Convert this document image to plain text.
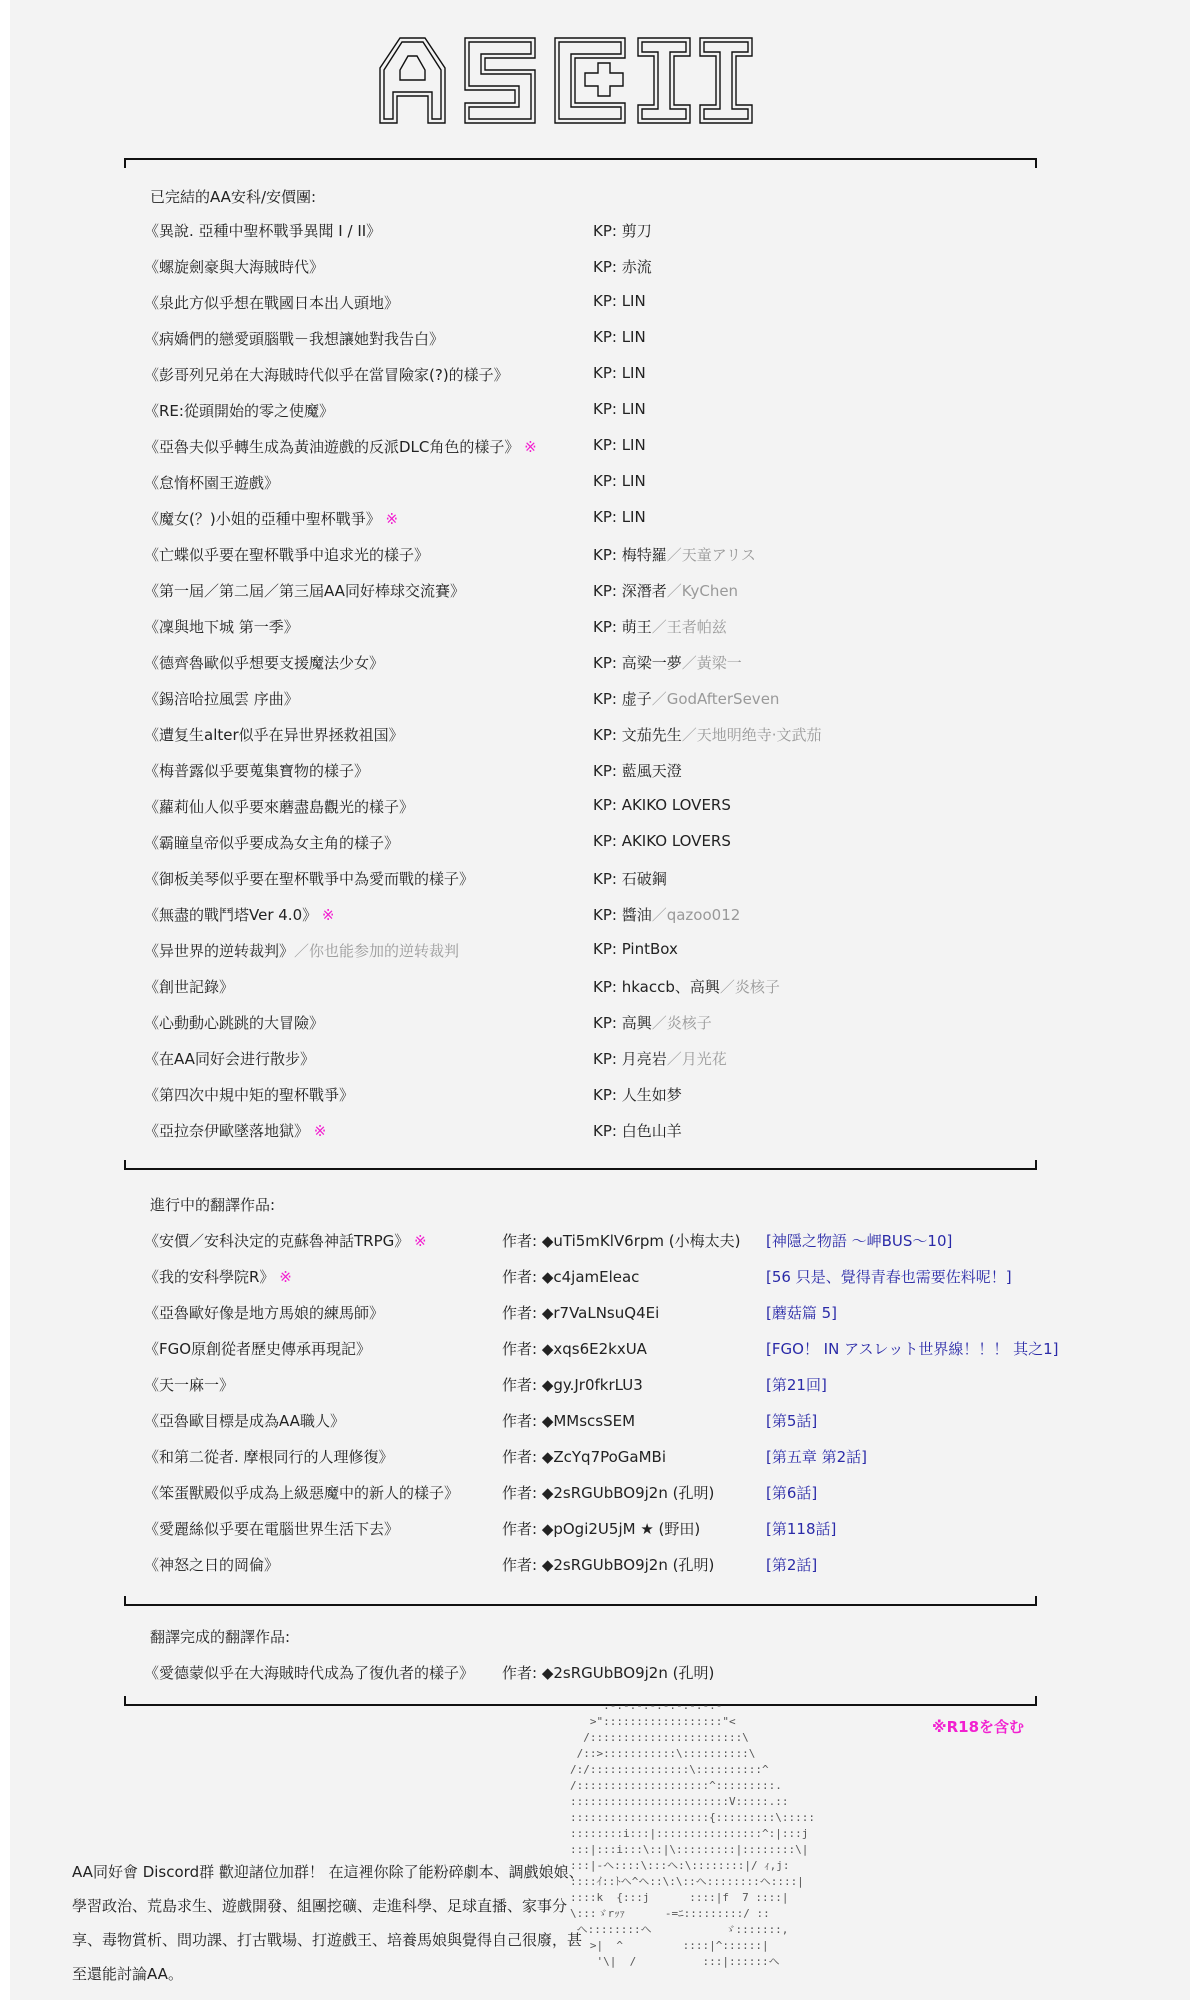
已完結的AA安科/安價團:
《異說. 亞種中聖杯戰爭異聞 I / II》	KP: 剪刀
《螺旋劍豪與大海賊時代》	KP: 赤流
《泉此方似乎想在戰國日本出人頭地》	KP: LIN
《病嬌們的戀愛頭腦戰－我想讓她對我告白》	KP: LIN
《彭哥列兄弟在大海賊時代似乎在當冒險家(?)的樣子》	KP: LIN
《RE:從頭開始的零之使魔》	KP: LIN
《亞魯夫似乎轉生成為黃油遊戲的反派DLC角色的樣子》 ※	KP: LIN
《怠惰杯園王遊戲》	KP: LIN
《魔女(？)小姐的亞種中聖杯戰爭》 ※	KP: LIN
《亡蝶似乎要在聖杯戰爭中追求光的樣子》	KP: 梅特羅／天童アリス
《第一屆／第二屆／第三屆AA同好棒球交流賽》	KP: 深潛者／KyChen
《凜與地下城 第一季》	KP: 萌王／王者帕兹
《德齊魯歐似乎想要支援魔法少女》	KP: 高梁一夢／黃梁一
《錫涪哈拉風雲 序曲》	KP: 虚子／GodAfterSeven
《遭复生alter似乎在异世界拯救祖国》	KP: 文茄先生／天地明绝寺·文武茄
《梅普露似乎要蒐集寶物的樣子》	KP: 藍風天澄
《蘿莉仙人似乎要來蘑盡島觀光的樣子》	KP: AKIKO LOVERS
《霸瞳皇帝似乎要成為女主角的樣子》	KP: AKIKO LOVERS
《御板美琴似乎要在聖杯戰爭中為愛而戰的樣子》	KP: 石破鋼
《無盡的戰鬥塔Ver 4.0》 ※	KP: 醬油／qazoo012
《异世界的逆转裁判》／你也能参加的逆转裁判	KP: PintBox
《創世記錄》	KP: hkaccb、高興／炎核子
《心動動心跳跳的大冒險》	KP: 高興／炎核子
《在AA同好会进行散步》	KP: 月亮岩／月光花
《第四次中規中矩的聖杯戰爭》	KP: 人生如梦
《亞拉奈伊歐墜落地獄》 ※	KP: 白色山羊
進行中的翻譯作品:
《安價／安科決定的克蘇魯神話TRPG》 ※	作者: ◆uTi5mKlV6rpm (小梅太夫) [神隱之物語 ～岬BUS～10]
《我的安科學院R》 ※	作者: ◆c4jamEleac	[56 只是、覺得青春也需要佐料呢！]
《亞魯歐好像是地方馬娘的練馬師》	作者: ◆r7VaLNsuQ4Ei	[蘑菇篇 5]
《FGO原創從者歷史傳承再現記》	作者: ◆xqs6E2kxUA	[FGO！ IN アスレット世界線！！！ 其之1]
《天一麻一》	作者: ◆gy.Jr0fkrLU3	[第21回]
《亞魯歐目標是成為AA職人》	作者: ◆MMscsSEM	[第5話]
《和第二從者. 摩根同行的人理修復》	作者: ◆ZcYq7PoGaMBi	[第五章 第2話]
《笨蛋獸殿似乎成為上級惡魔中的新人的樣子》	作者: ◆2sRGUbBO9j2n (孔明)	[第6話]
《愛麗絲似乎要在電腦世界生活下去》	作者: ◆pOgi2U5jM ★ (野田)	[第118話]
《神怒之日的岡倫》	作者: ◆2sRGUbBO9j2n (孔明)	[第2話]
翻譯完成的翻譯作品:
《愛德蒙似乎在大海賊時代成為了復仇者的樣子》 作者: ◆2sRGUbBO9j2n (孔明)
※R18を含む
AA同好會 Discord群 歡迎諸位加群！ 在這裡你除了能粉碎劇本、調戲娘娘、學習政治、荒島求生、遊戲開發、組團挖礦、走進科學、足球直播、家事分享、毒物賞析、問功課、打古戰場、打遊戲王、培養馬娘與覺得自己很廢，甚至還能討論AA。
.-.-.-.-.-.-.-.-.-
>"::::::::::::::::::"<
/:::::::::::::::::::::::\
/::>:::::::::::\::::::::::\
/:/:::::::::::::::\::::::::::^
/::::::::::::::::::::^:::::::::.
::::::::::::::::::::::::V:::::.::
:::::::::::::::::::::{:::::::::\:::::
::::::::i:::|::::::::::::::::^:|:::j
:::|:::i:::\::|\:::::::::|::::::::\|
:::|-ヘ::::\:::ヘ:\::::::::|/ ｨ,j:
::::ｲ::ﾄヘ^ヘ::\:\::ヘ::::::::ヘ::::|
::::k  {:::j      ::::|f  7 ::::|
\:::ゞrｯｧ      -=ﾆ:::::::::/ ::
ヘ::::::::ヘ           ゞ:::::::,
>|  ^         ::::|^::::::|
'\|  /          :::|::::::ヘ
